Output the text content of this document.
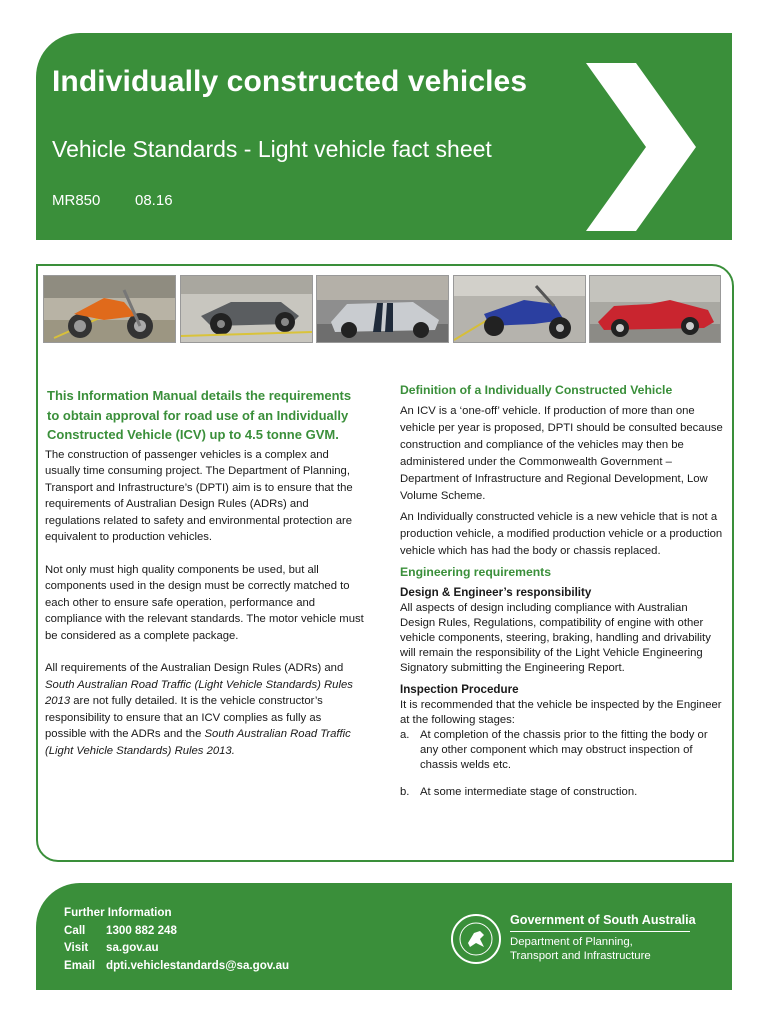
Individually constructed vehicles
Vehicle Standards - Light vehicle fact sheet
MR850 08.16
This Information Manual details the requirements to obtain approval for road use of an Individually Constructed Vehicle (ICV) up to 4.5 tonne GVM.

The construction of passenger vehicles is a complex and usually time consuming project. The Department of Planning, Transport and Infrastructure’s (DPTI) aim is to ensure that the requirements of Australian Design Rules (ADRs) and regulations related to safety and environmental protection are equivalent to production vehicles.

Not only must high quality components be used, but all components used in the design must be correctly matched to each other to ensure safe operation, performance and compliance with the relevant standards. The motor vehicle must be considered as a complete package.

All requirements of the Australian Design Rules (ADRs) and South Australian Road Traffic (Light Vehicle Standards) Rules 2013 are not fully detailed. It is the vehicle constructor’s responsibility to ensure that an ICV complies as fully as possible with the ADRs and the South Australian Road Traffic (Light Vehicle Standards) Rules 2013.

Definition of a Individually Constructed Vehicle

An ICV is a ‘one-off’ vehicle. If production of more than one vehicle per year is proposed, DPTI should be consulted because construction and compliance of the vehicles may then be administered under the Commonwealth Government – Department of Infrastructure and Regional Development, Low Volume Scheme.

An Individually constructed vehicle is a new vehicle that is not a production vehicle, a modified production vehicle or a production vehicle which has had the body or chassis replaced.

Engineering requirements
Design & Engineer’s responsibility

All aspects of design including compliance with Australian Design Rules, Regulations, compatibility of engine with other vehicle components, steering, braking, handling and drivability will remain the responsibility of the Light Vehicle Engineering Signatory submitting the Engineering Report.

Inspection Procedure

It is recommended that the vehicle be inspected by the Engineer at the following stages:

a. At completion of the chassis prior to the fitting the body or any other component which may obstruct inspection of chassis welds etc.
b. At some intermediate stage of construction.
Further Information
Call 1300 882 248
Visit sa.gov.au
Email dpti.vehiclestandards@sa.gov.au
Government of South Australia
Department of Planning,
Transport and Infrastructure
